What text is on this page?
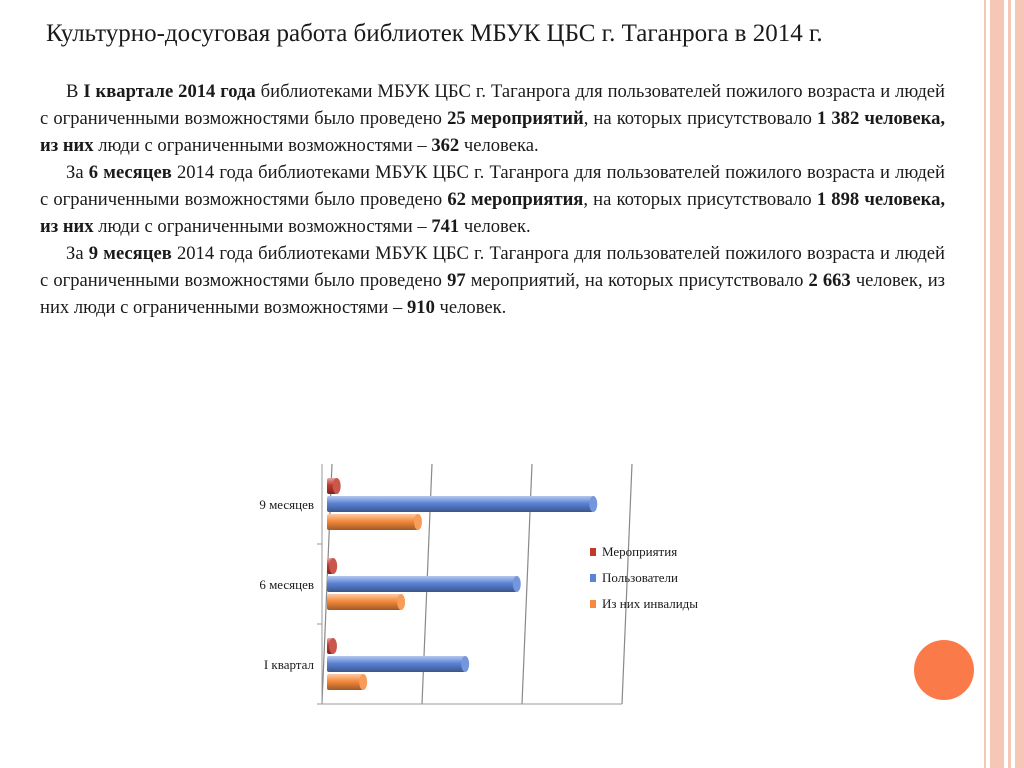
Культурно-досуговая работа библиотек МБУК ЦБС г. Таганрога в 2014 г.

В I квартале 2014 года библиотеками МБУК ЦБС г. Таганрога для пользователей пожилого возраста и людей с ограниченными возможностями было проведено 25 мероприятий, на которых присутствовало 1 382 человека, из них люди с ограниченными возможностями – 362 человека.

За 6 месяцев 2014 года библиотеками МБУК ЦБС г. Таганрога для пользователей пожилого возраста и людей с ограниченными возможностями было проведено 62 мероприятия, на которых присутствовало 1 898 человека, из них люди с ограниченными возможностями – 741 человек.

За 9 месяцев 2014 года библиотеками МБУК ЦБС г. Таганрога для пользователей пожилого возраста и людей с ограниченными возможностями было проведено 97 мероприятий, на которых присутствовало 2 663 человек, из них люди с ограниченными возможностями – 910 человек.

I квартал
6 месяцев
9 месяцев
Мероприятия
Пользователи
Из них инвалиды
